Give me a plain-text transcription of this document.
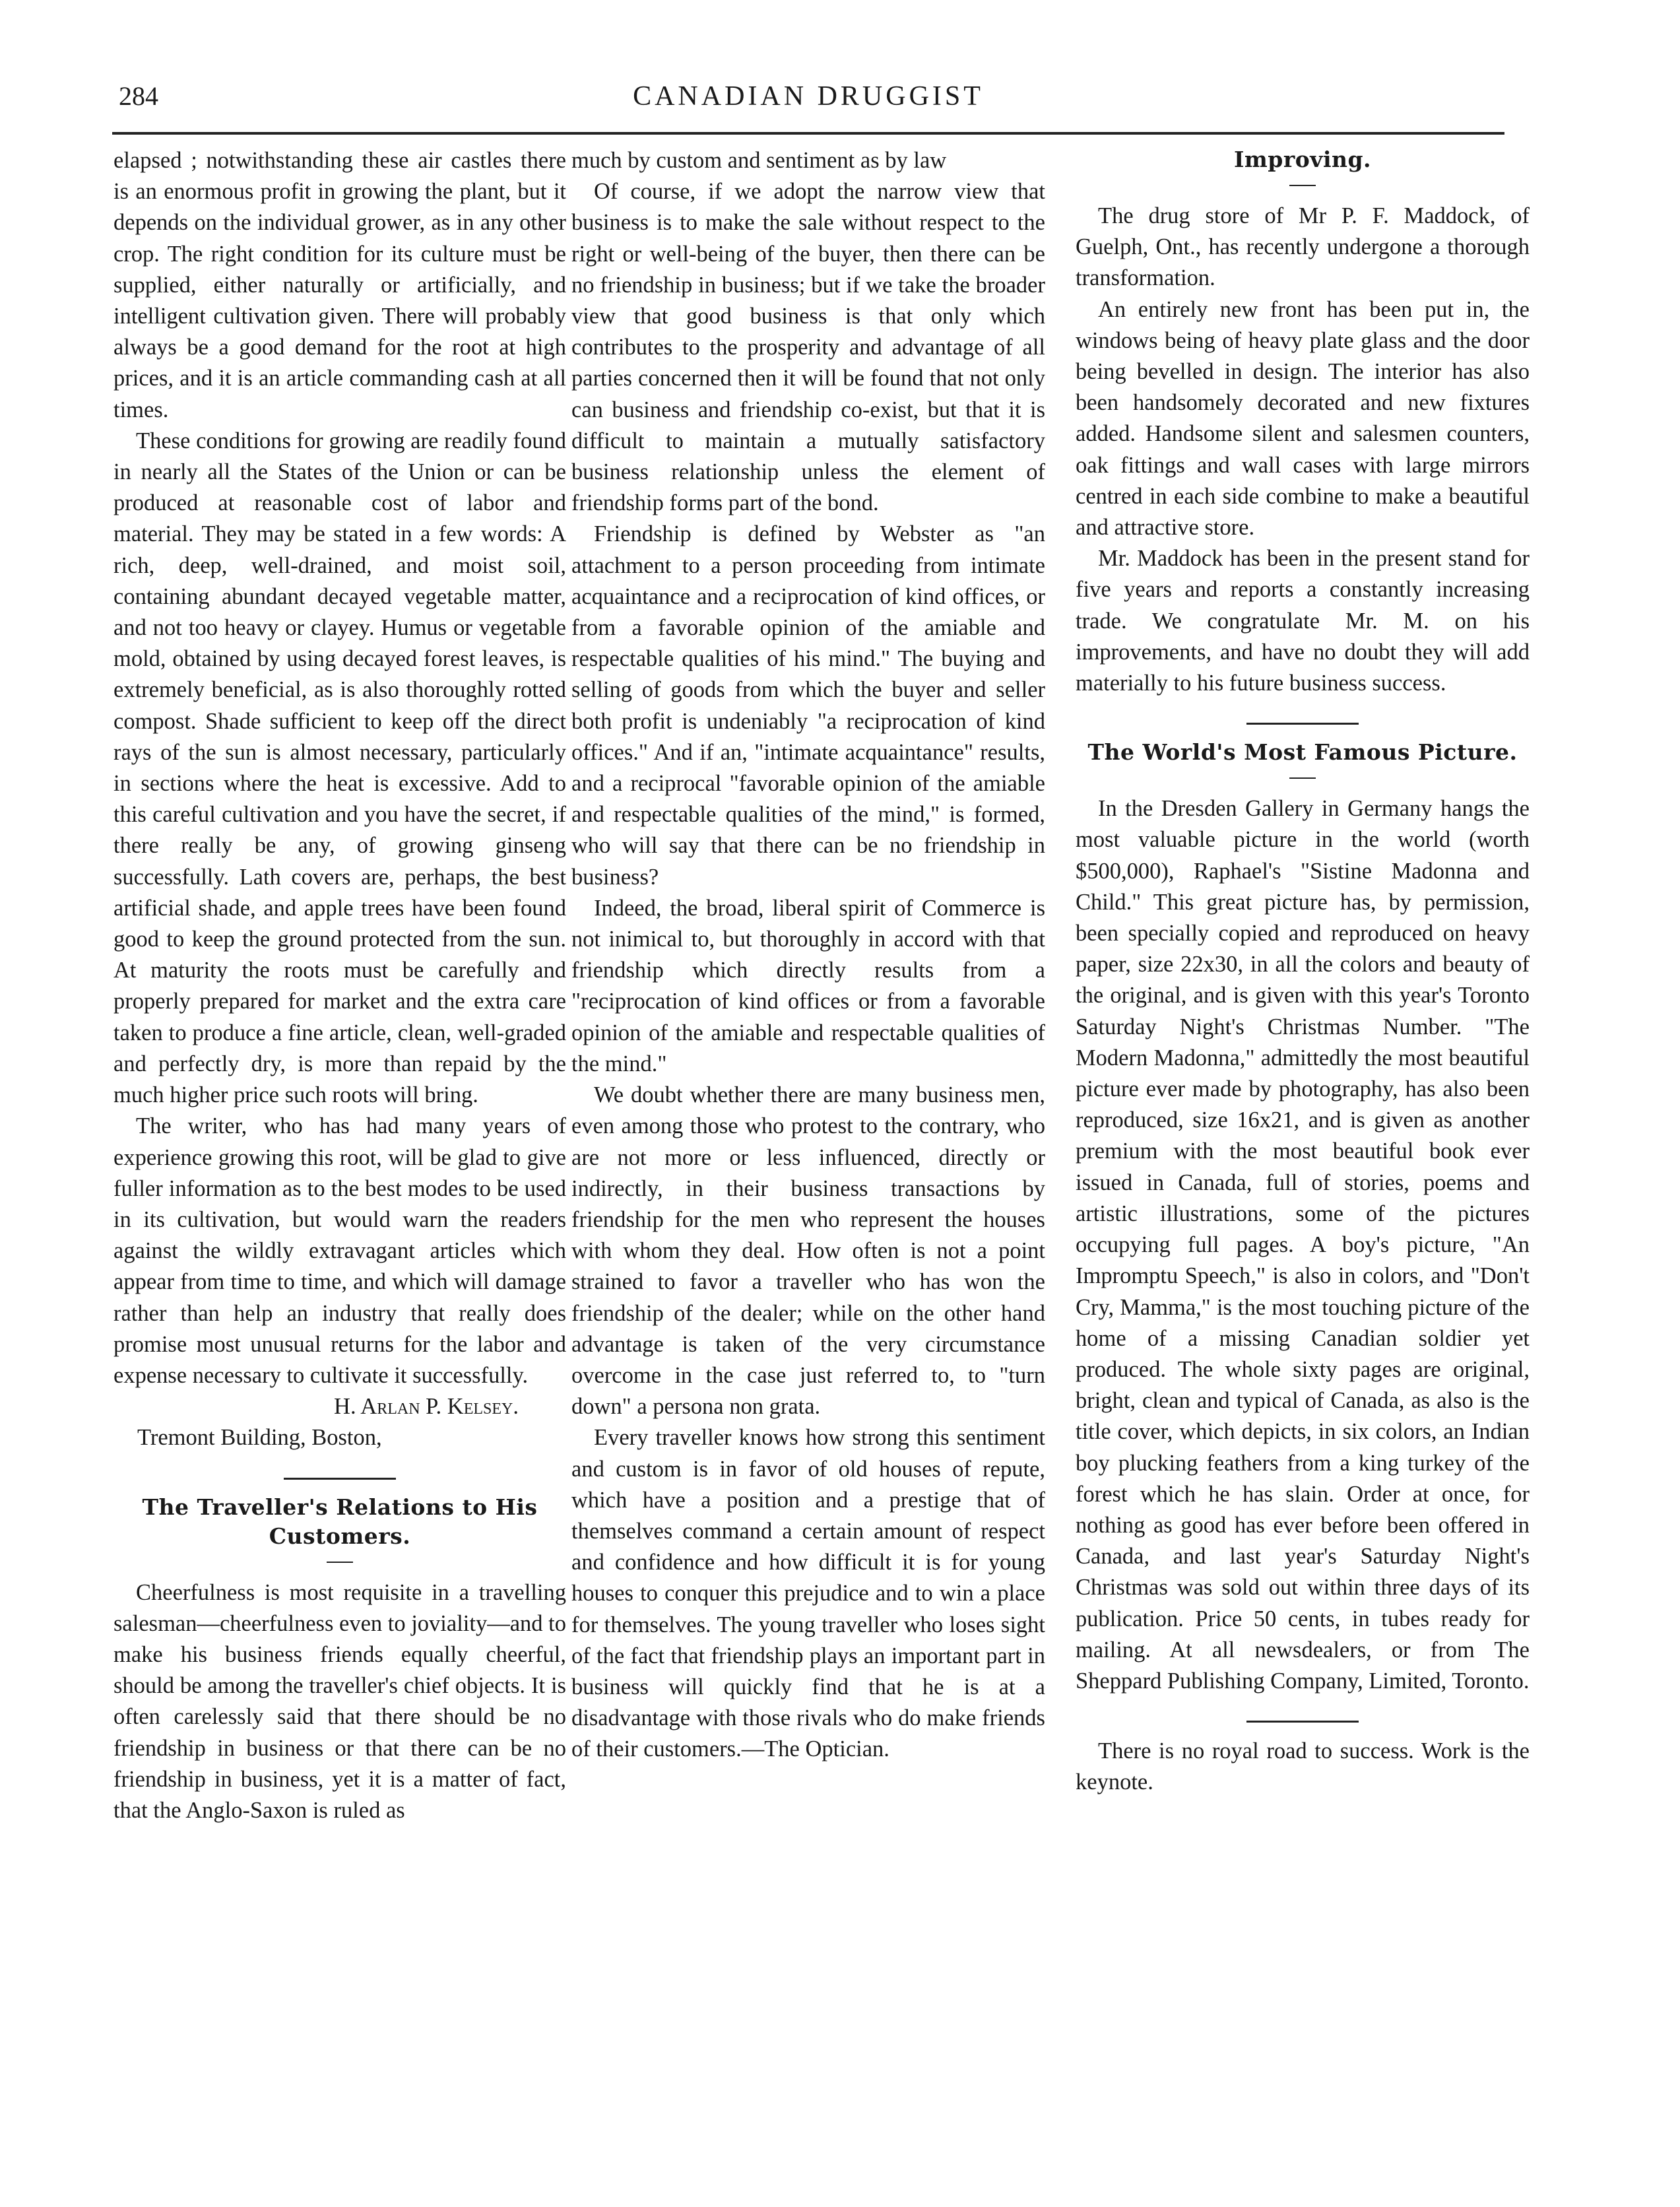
284	CANADIAN DRUGGIST

elapsed ; notwithstanding these air castles there is an enormous profit in growing the plant, but it depends on the individual grower, as in any other crop. The right condition for its culture must be supplied, either naturally or artificially, and intelligent cultivation given. There will probably always be a good demand for the root at high prices, and it is an article commanding cash at all times.

These conditions for growing are readily found in nearly all the States of the Union or can be produced at reasonable cost of labor and material. They may be stated in a few words: A rich, deep, well-drained, and moist soil, containing abundant decayed vegetable matter, and not too heavy or clayey. Humus or vegetable mold, obtained by using decayed forest leaves, is extremely beneficial, as is also thoroughly rotted compost. Shade sufficient to keep off the direct rays of the sun is almost necessary, particularly in sections where the heat is excessive. Add to this careful cultivation and you have the secret, if there really be any, of growing ginseng successfully. Lath covers are, perhaps, the best artificial shade, and apple trees have been found good to keep the ground protected from the sun. At maturity the roots must be carefully and properly prepared for market and the extra care taken to produce a fine article, clean, well-graded and perfectly dry, is more than repaid by the much higher price such roots will bring.

The writer, who has had many years of experience growing this root, will be glad to give fuller information as to the best modes to be used in its cultivation, but would warn the readers against the wildly extravagant articles which appear from time to time, and which will damage rather than help an industry that really does promise most unusual returns for the labor and expense necessary to cultivate it successfully.

H. Arlan P. Kelsey.

Tremont Building, Boston,

The Traveller's Relations to His Customers.

Cheerfulness is most requisite in a travelling salesman—cheerfulness even to joviality—and to make his business friends equally cheerful, should be among the traveller's chief objects. It is often carelessly said that there should be no friendship in business or that there can be no friendship in business, yet it is a matter of fact, that the Anglo-Saxon is ruled as

much by custom and sentiment as by law

Of course, if we adopt the narrow view that business is to make the sale without respect to the right or well-being of the buyer, then there can be no friendship in business; but if we take the broader view that good business is that only which contributes to the prosperity and advantage of all parties concerned then it will be found that not only can business and friendship co-exist, but that it is difficult to maintain a mutually satisfactory business relationship unless the element of friendship forms part of the bond.

Friendship is defined by Webster as "an attachment to a person proceeding from intimate acquaintance and a reciprocation of kind offices, or from a favorable opinion of the amiable and respectable qualities of his mind." The buying and selling of goods from which the buyer and seller both profit is undeniably "a reciprocation of kind offices." And if an, "intimate acquaintance" results, and a reciprocal "favorable opinion of the amiable and respectable qualities of the mind," is formed, who will say that there can be no friendship in business?

Indeed, the broad, liberal spirit of Commerce is not inimical to, but thoroughly in accord with that friendship which directly results from a "reciprocation of kind offices or from a favorable opinion of the amiable and respectable qualities of the mind."

We doubt whether there are many business men, even among those who protest to the contrary, who are not more or less influenced, directly or indirectly, in their business transactions by friendship for the men who represent the houses with whom they deal. How often is not a point strained to favor a traveller who has won the friendship of the dealer; while on the other hand advantage is taken of the very circumstance overcome in the case just referred to, to "turn down" a persona non grata.

Every traveller knows how strong this sentiment and custom is in favor of old houses of repute, which have a position and a prestige that of themselves command a certain amount of respect and confidence and how difficult it is for young houses to conquer this prejudice and to win a place for themselves. The young traveller who loses sight of the fact that friendship plays an important part in business will quickly find that he is at a disadvantage with those rivals who do make friends of their customers.—The Optician.

Improving.

The drug store of Mr P. F. Maddock, of Guelph, Ont., has recently undergone a thorough transformation.

An entirely new front has been put in, the windows being of heavy plate glass and the door being bevelled in design. The interior has also been handsomely decorated and new fixtures added. Handsome silent and salesmen counters, oak fittings and wall cases with large mirrors centred in each side combine to make a beautiful and attractive store.

Mr. Maddock has been in the present stand for five years and reports a constantly increasing trade. We congratulate Mr. M. on his improvements, and have no doubt they will add materially to his future business success.

The World's Most Famous Picture.

In the Dresden Gallery in Germany hangs the most valuable picture in the world (worth $500,000), Raphael's "Sistine Madonna and Child." This great picture has, by permission, been specially copied and reproduced on heavy paper, size 22x30, in all the colors and beauty of the original, and is given with this year's Toronto Saturday Night's Christmas Number. "The Modern Madonna," admittedly the most beautiful picture ever made by photography, has also been reproduced, size 16x21, and is given as another premium with the most beautiful book ever issued in Canada, full of stories, poems and artistic illustrations, some of the pictures occupying full pages. A boy's picture, "An Impromptu Speech," is also in colors, and "Don't Cry, Mamma," is the most touching picture of the home of a missing Canadian soldier yet produced. The whole sixty pages are original, bright, clean and typical of Canada, as also is the title cover, which depicts, in six colors, an Indian boy plucking feathers from a king turkey of the forest which he has slain. Order at once, for nothing as good has ever before been offered in Canada, and last year's Saturday Night's Christmas was sold out within three days of its publication. Price 50 cents, in tubes ready for mailing. At all newsdealers, or from The Sheppard Publishing Company, Limited, Toronto.

There is no royal road to success. Work is the keynote.
